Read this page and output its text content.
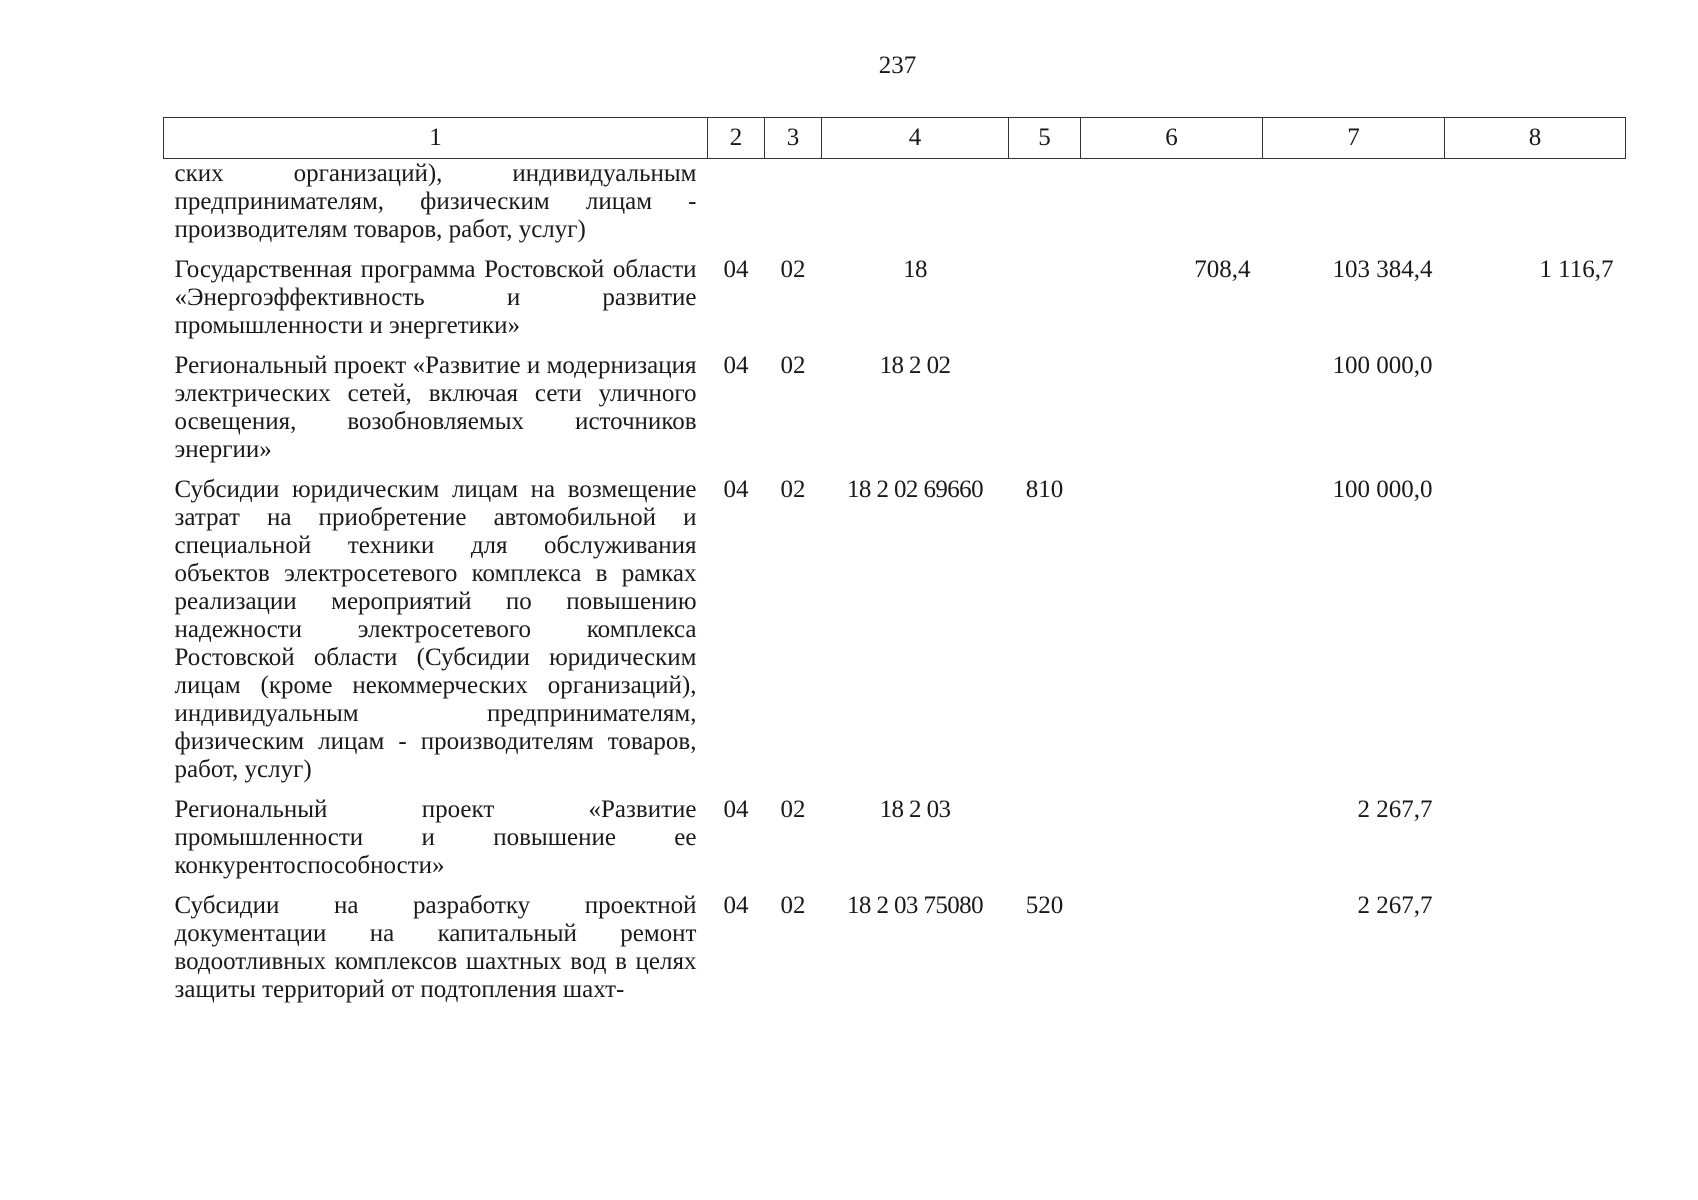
237
1	2	3	4	5	6	7	8
ских организаций), индивидуальным предпринимателям, физическим лицам - производителям товаров, работ, услуг)							
Государственная программа Ростовской области «Энергоэффективность и развитие промышленности и энергетики»	04	02	18		708,4	103 384,4	1 116,7
Региональный проект «Развитие и модернизация электрических сетей, включая сети уличного освещения, возобновляемых источников энергии»	04	02	18 2 02			100 000,0	
Субсидии юридическим лицам на возмещение затрат на приобретение автомобильной и специальной техники для обслуживания объектов электросетевого комплекса в рамках реализации мероприятий по повышению надежности электросетевого комплекса Ростовской области (Субсидии юридическим лицам (кроме некоммерческих организаций), индивидуальным предпринимателям, физическим лицам - производителям товаров, работ, услуг)	04	02	18 2 02 69660	810		100 000,0	
Региональный проект «Развитие промышленности и повышение ее конкурентоспособности»	04	02	18 2 03			2 267,7	
Субсидии на разработку проектной документации на капитальный ремонт водоотливных комплексов шахтных вод в целях защиты территорий от подтопления шахт-	04	02	18 2 03 75080	520		2 267,7	
